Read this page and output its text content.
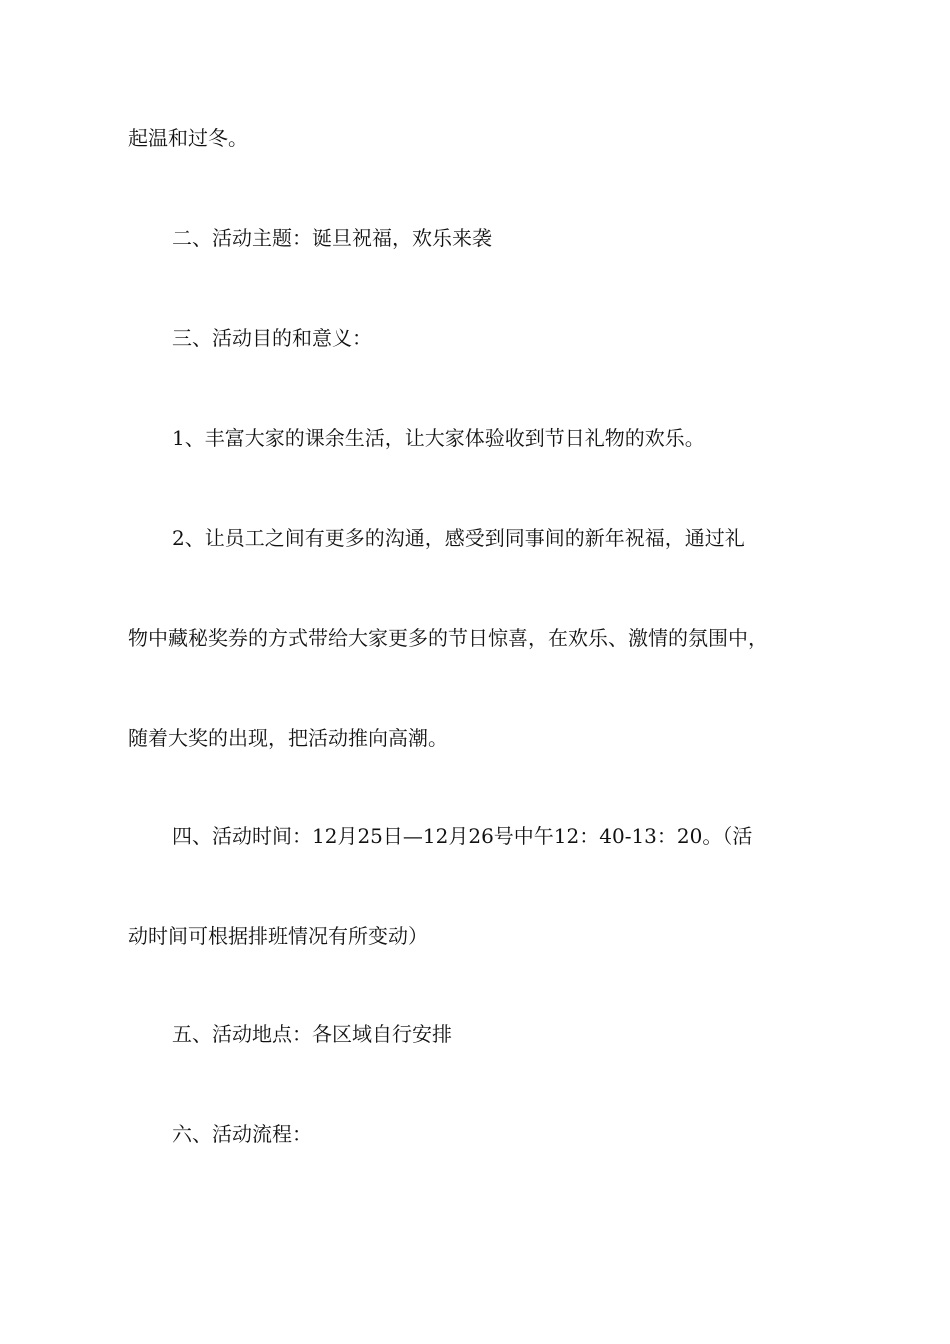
起温和过冬。
二、活动主题：诞旦祝福，欢乐来袭
三、活动目的和意义：
1、丰富大家的课余生活，让大家体验收到节日礼物的欢乐。
2、让员工之间有更多的沟通，感受到同事间的新年祝福，通过礼
物中藏秘奖券的方式带给大家更多的节日惊喜，在欢乐、激情的氛围中，
随着大奖的出现，把活动推向高潮。
四、活动时间：12月25日—12月26号中午12：40-13：20。（活
动时间可根据排班情况有所变动）
五、活动地点：各区域自行安排
六、活动流程：
